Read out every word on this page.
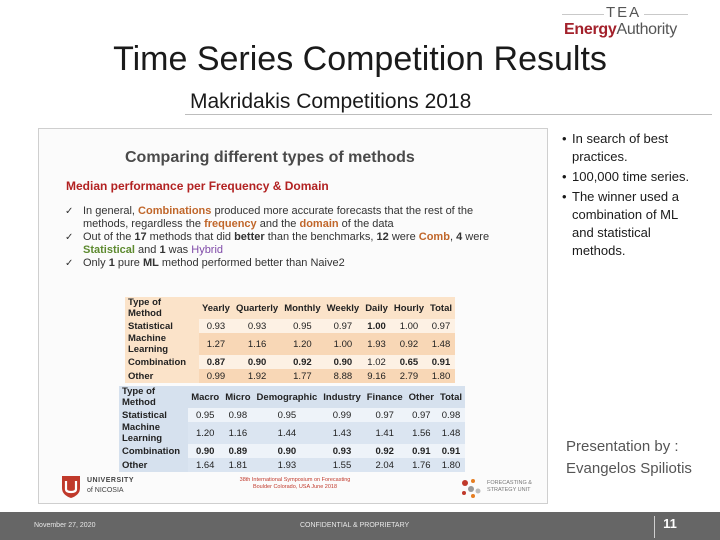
TEA
EnergyAuthority
Time Series Competition Results
Makridakis Competitions 2018
Comparing different types of methods
Median performance per Frequency & Domain
✓ In general, Combinations produced more accurate forecasts that the rest of the methods, regardless the frequency and the domain of the data
✓ Out of the 17 methods that did better than the benchmarks, 12 were Comb, 4 were Statistical and 1 was Hybrid
✓ Only 1 pure ML method performed better than Naive2
Type of Method	Yearly	Quarterly	Monthly	Weekly	Daily	Hourly	Total
Statistical	0.93	0.93	0.95	0.97	1.00	1.00	0.97
Machine Learning	1.27	1.16	1.20	1.00	1.93	0.92	1.48
Combination	0.87	0.90	0.92	0.90	1.02	0.65	0.91
Other	0.99	1.92	1.77	8.88	9.16	2.79	1.80
Type of Method	Macro	Micro	Demographic	Industry	Finance	Other	Total
Statistical	0.95	0.98	0.95	0.99	0.97	0.97	0.98
Machine Learning	1.20	1.16	1.44	1.43	1.41	1.56	1.48
Combination	0.90	0.89	0.90	0.93	0.92	0.91	0.91
Other	1.64	1.81	1.93	1.55	2.04	1.76	1.80
UNIVERSITY
of NICOSIA
38th International Symposium on Forecasting
Boulder Colorado, USA June 2018
FORECASTING &
STRATEGY UNIT
• In search of best practices.
• 100,000 time series.
• The winner used a combination of ML and statistical methods.
Presentation by :
Evangelos Spiliotis
November 27, 2020	CONFIDENTIAL & PROPRIETARY	11
